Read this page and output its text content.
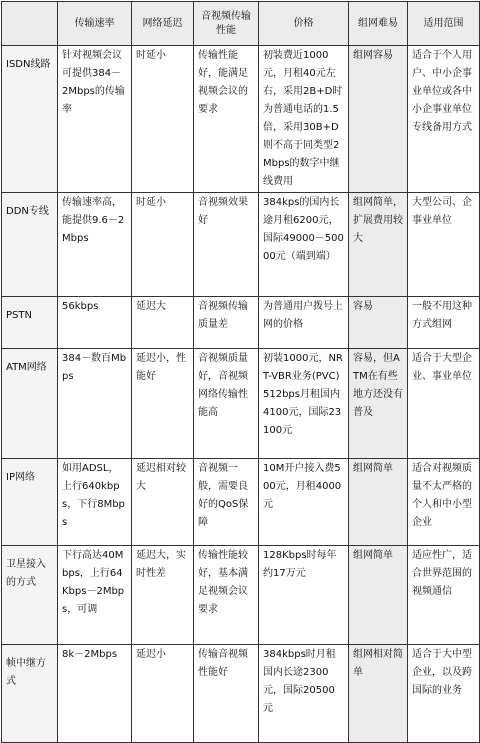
	传输速率	网络延迟	音视频传输性能	价格	组网难易	适用范围
ISDN线路	针对视频会议可提供384－2Mbps的传输率	时延小	传输性能好，能满足视频会议的要求	初装费近1000元，月租40元左右，采用2B+D时为普通电话的1.5倍，采用30B+D则不高于同类型2Mbps的数字中继线费用	组网容易	适合于个人用户、中小企事业单位或各中小企事业单位专线备用方式
DDN专线	传输速率高，能提供9.6－2Mbps	时延小	音视频效果好	384kps的国内长途月租6200元，国际49000－50000元（端到端）	组网简单，扩展费用较大	大型公司、企事业单位
PSTN	56kbps	延迟大	音视频传输质量差	为普通用户拨号上网的价格	容易	一般不用这种方式组网
ATM网络	384－数百Mbps	延迟小，性能好	音视频质量好，音视频网络传输性能高	初装1000元，NRT-VBR业务(PVC)512bps月租国内4100元，国际23100元	容易，但ATM在有些地方还没有普及	适合于大型企业、事业单位
IP网络	如用ADSL，上行640kbps，下行8Mbps	延迟相对较大	音视频一般，需要良好的QoS保障	10M开户接入费500元，月租4000元	组网简单	适合对视频质量不太严格的个人和中小型企业
卫星接入的方式	下行高达40Mbps，上行64Kbps－2Mbps，可调	延迟大，实时性差	传输性能较好，基本满足视频会议要求	128Kbps时每年约17万元	组网简单	适应性广，适合世界范围的视频通信
帧中继方式	8k－2Mbps	延迟小	传输音视频性能好	384kbps时月租国内长途2300元，国际20500元	组网相对简单	适合于大中型企业，以及跨国际的业务
